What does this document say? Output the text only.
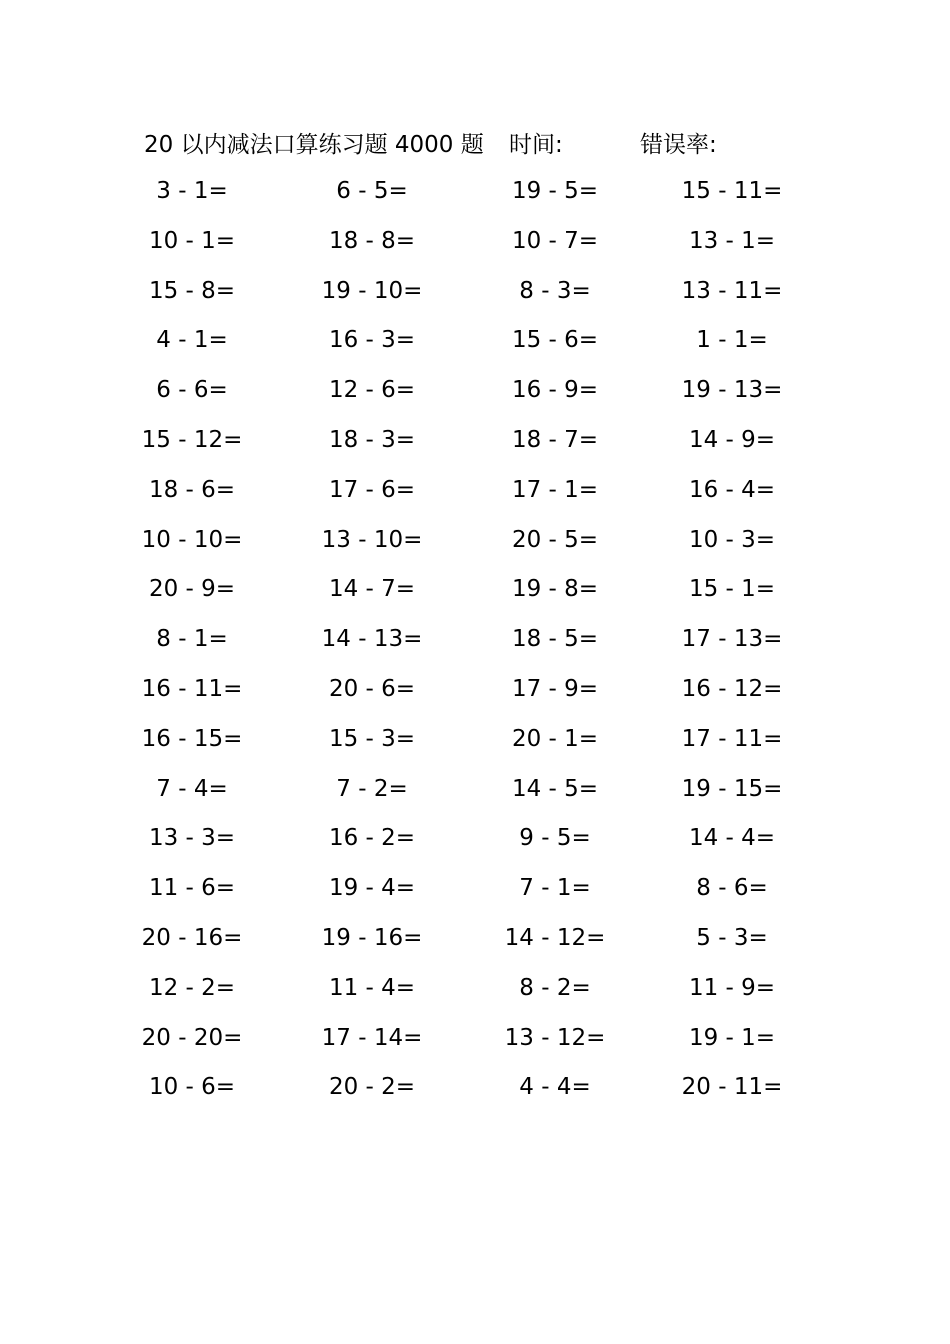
20 以内减法口算练习题 4000 题 时间:	错误率:
3 - 1=	6 - 5=	19 - 5=	15 - 11=
10 - 1=	18 - 8=	10 - 7=	13 - 1=
15 - 8=	19 - 10=	8 - 3=	13 - 11=
4 - 1=	16 - 3=	15 - 6=	1 - 1=
6 - 6=	12 - 6=	16 - 9=	19 - 13=
15 - 12=	18 - 3=	18 - 7=	14 - 9=
18 - 6=	17 - 6=	17 - 1=	16 - 4=
10 - 10=	13 - 10=	20 - 5=	10 - 3=
20 - 9=	14 - 7=	19 - 8=	15 - 1=
8 - 1=	14 - 13=	18 - 5=	17 - 13=
16 - 11=	20 - 6=	17 - 9=	16 - 12=
16 - 15=	15 - 3=	20 - 1=	17 - 11=
7 - 4=	7 - 2=	14 - 5=	19 - 15=
13 - 3=	16 - 2=	9 - 5=	14 - 4=
11 - 6=	19 - 4=	7 - 1=	8 - 6=
20 - 16=	19 - 16=	14 - 12=	5 - 3=
12 - 2=	11 - 4=	8 - 2=	11 - 9=
20 - 20=	17 - 14=	13 - 12=	19 - 1=
10 - 6=	20 - 2=	4 - 4=	20 - 11=
